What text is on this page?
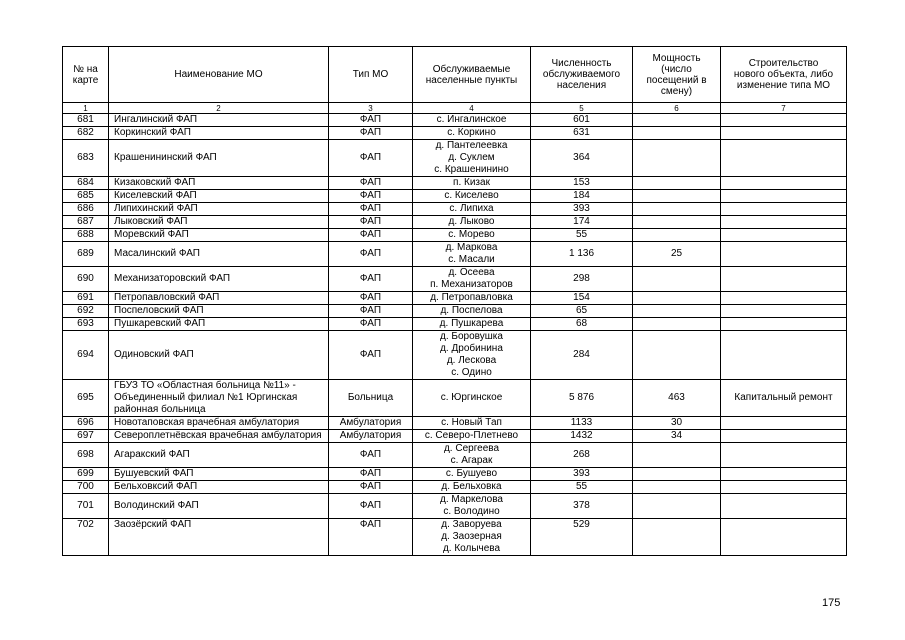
№ на
карте	Наименование МО	Тип МО	Обслуживаемые
населенные пункты	Численность
обслуживаемого
населения	Мощность
(число
посещений в
смену)	Строительство
нового объекта, либо
изменение типа МО
1	2	3	4	5	6	7
681	Ингалинский ФАП	ФАП	с. Ингалинское	601		
682	Коркинский ФАП	ФАП	с. Коркино	631		
683	Крашенининский ФАП	ФАП	д. Пантелеевка
д. Суклем
с. Крашенинино	364		
684	Кизаковский ФАП	ФАП	п. Кизак	153		
685	Киселевский ФАП	ФАП	с. Киселево	184		
686	Липихинский ФАП	ФАП	с. Липиха	393		
687	Лыковский ФАП	ФАП	д. Лыково	174		
688	Моревский ФАП	ФАП	с. Морево	55		
689	Масалинский ФАП	ФАП	д. Маркова
с. Масали	1 136	25	
690	Механизаторовский ФАП	ФАП	д. Осеева
п. Механизаторов	298		
691	Петропавловский ФАП	ФАП	д. Петропавловка	154		
692	Поспеловский ФАП	ФАП	д. Поспелова	65		
693	Пушкаревский ФАП	ФАП	д. Пушкарева	68		
694	Одиновский ФАП	ФАП	д. Боровушка
д. Дробинина
д. Лескова
с. Одино	284		
695	ГБУЗ ТО «Областная больница №11» - Объединенный филиал №1 Юргинская районная больница	Больница	с. Юргинское	5 876	463	Капитальный ремонт
696	Новотаповская врачебная амбулатория	Амбулатория	с. Новый Тап	1133	30	
697	Североплетнёвская врачебная амбулатория	Амбулатория	с. Северо-Плетнево	1432	34	
698	Агаракский ФАП	ФАП	д. Сергеева
с. Агарак	268		
699	Бушуевский ФАП	ФАП	с. Бушуево	393		
700	Бельховксий ФАП	ФАП	д. Бельховка	55		
701	Володинский ФАП	ФАП	д. Маркелова
с. Володино	378		
702	Заозёрский ФАП	ФАП	д. Заворуева
д. Заозерная
д. Колычева	529		
175
